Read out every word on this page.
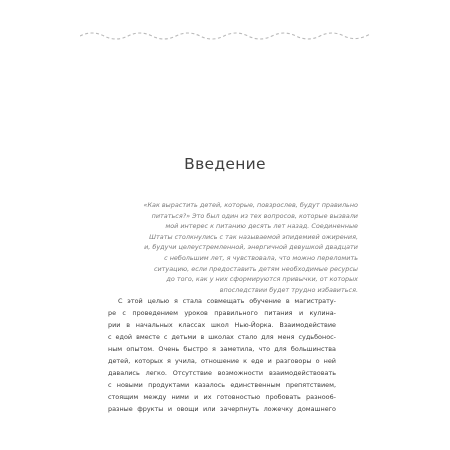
Введение

«Как вырастить детей, которые, повзрослев, будут правильно
питаться?» Это был один из тех вопросов, которые вызвали
мой интерес к питанию десять лет назад. Соединенные
Штаты столкнулись с так называемой эпидемией ожирения,
и, будучи целеустремленной, энергичной девушкой двадцати
с небольшим лет, я чувствовала, что можно переломить
ситуацию, если предоставить детям необходимые ресурсы
до того, как у них сформируются привычки, от которых
впоследствии будет трудно избавиться.

С этой целью я стала совмещать обучение в магистрату-
ре с проведением уроков правильного питания и кулина-
рии в начальных классах школ Нью-Йорка. Взаимодействие
с едой вместе с детьми в школах стало для меня судьбонос-
ным опытом. Очень быстро я заметила, что для большинства
детей, которых я учила, отношение к еде и разговоры о ней
давались легко. Отсутствие возможности взаимодействовать
с новыми продуктами казалось единственным препятствием,
стоящим между ними и их готовностью пробовать разноо6-
разные фрукты и овощи или зачерпнуть ложечку домашнего
